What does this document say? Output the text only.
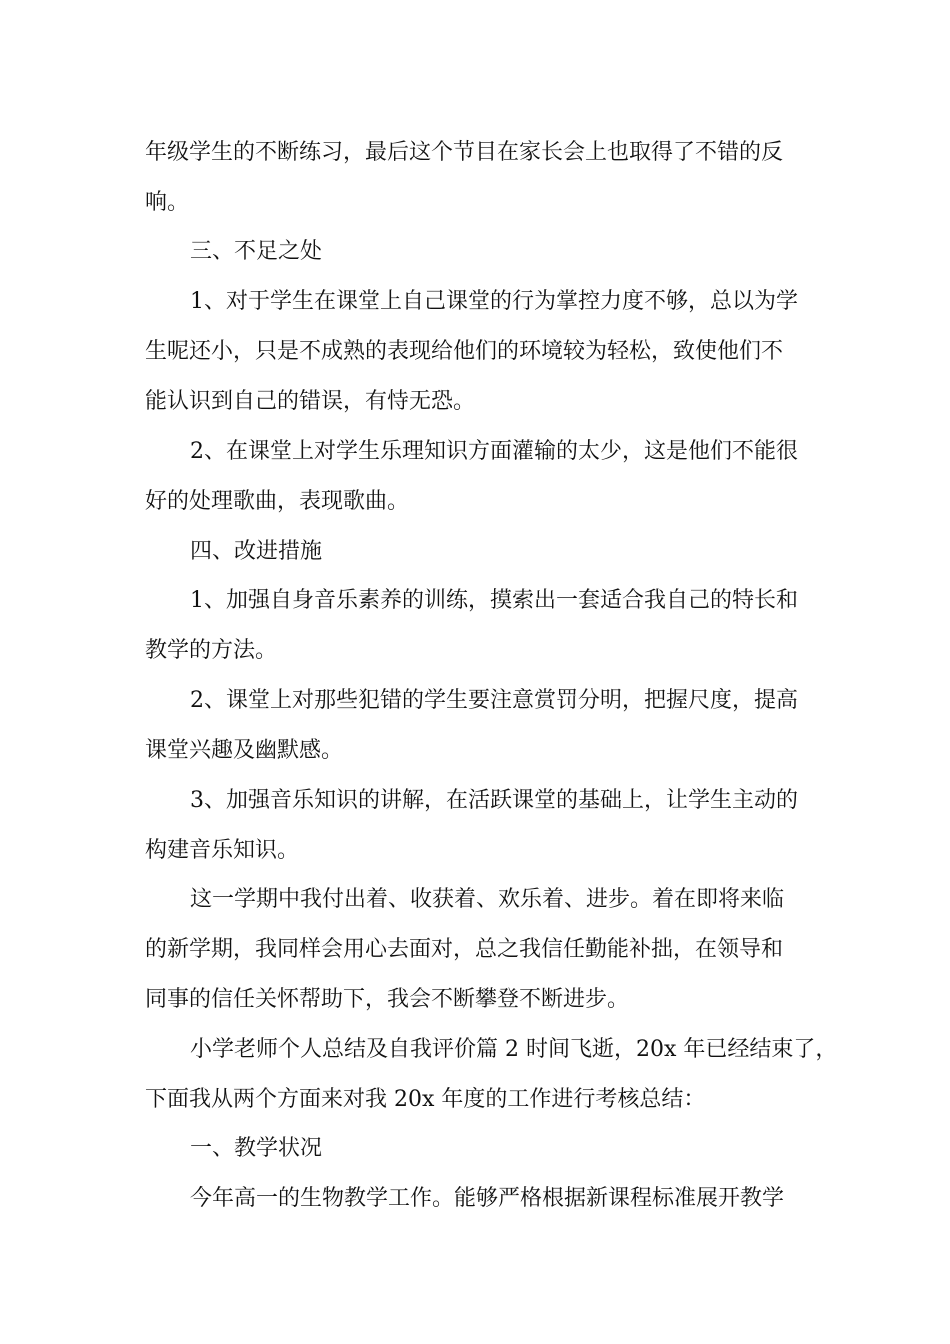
年级学生的不断练习，最后这个节目在家长会上也取得了不错的反
响。
三、不足之处
1、对于学生在课堂上自己课堂的行为掌控力度不够，总以为学
生呢还小，只是不成熟的表现给他们的环境较为轻松，致使他们不
能认识到自己的错误，有恃无恐。
2、在课堂上对学生乐理知识方面灌输的太少，这是他们不能很
好的处理歌曲，表现歌曲。
四、改进措施
1、加强自身音乐素养的训练，摸索出一套适合我自己的特长和
教学的方法。
2、课堂上对那些犯错的学生要注意赏罚分明，把握尺度，提高
课堂兴趣及幽默感。
3、加强音乐知识的讲解，在活跃课堂的基础上，让学生主动的
构建音乐知识。
这一学期中我付出着、收获着、欢乐着、进步。着在即将来临
的新学期，我同样会用心去面对，总之我信任勤能补拙，在领导和
同事的信任关怀帮助下，我会不断攀登不断进步。
小学老师个人总结及自我评价篇 2 时间飞逝，20x 年已经结束了，
下面我从两个方面来对我 20x 年度的工作进行考核总结：
一、教学状况
今年高一的生物教学工作。能够严格根据新课程标准展开教学
